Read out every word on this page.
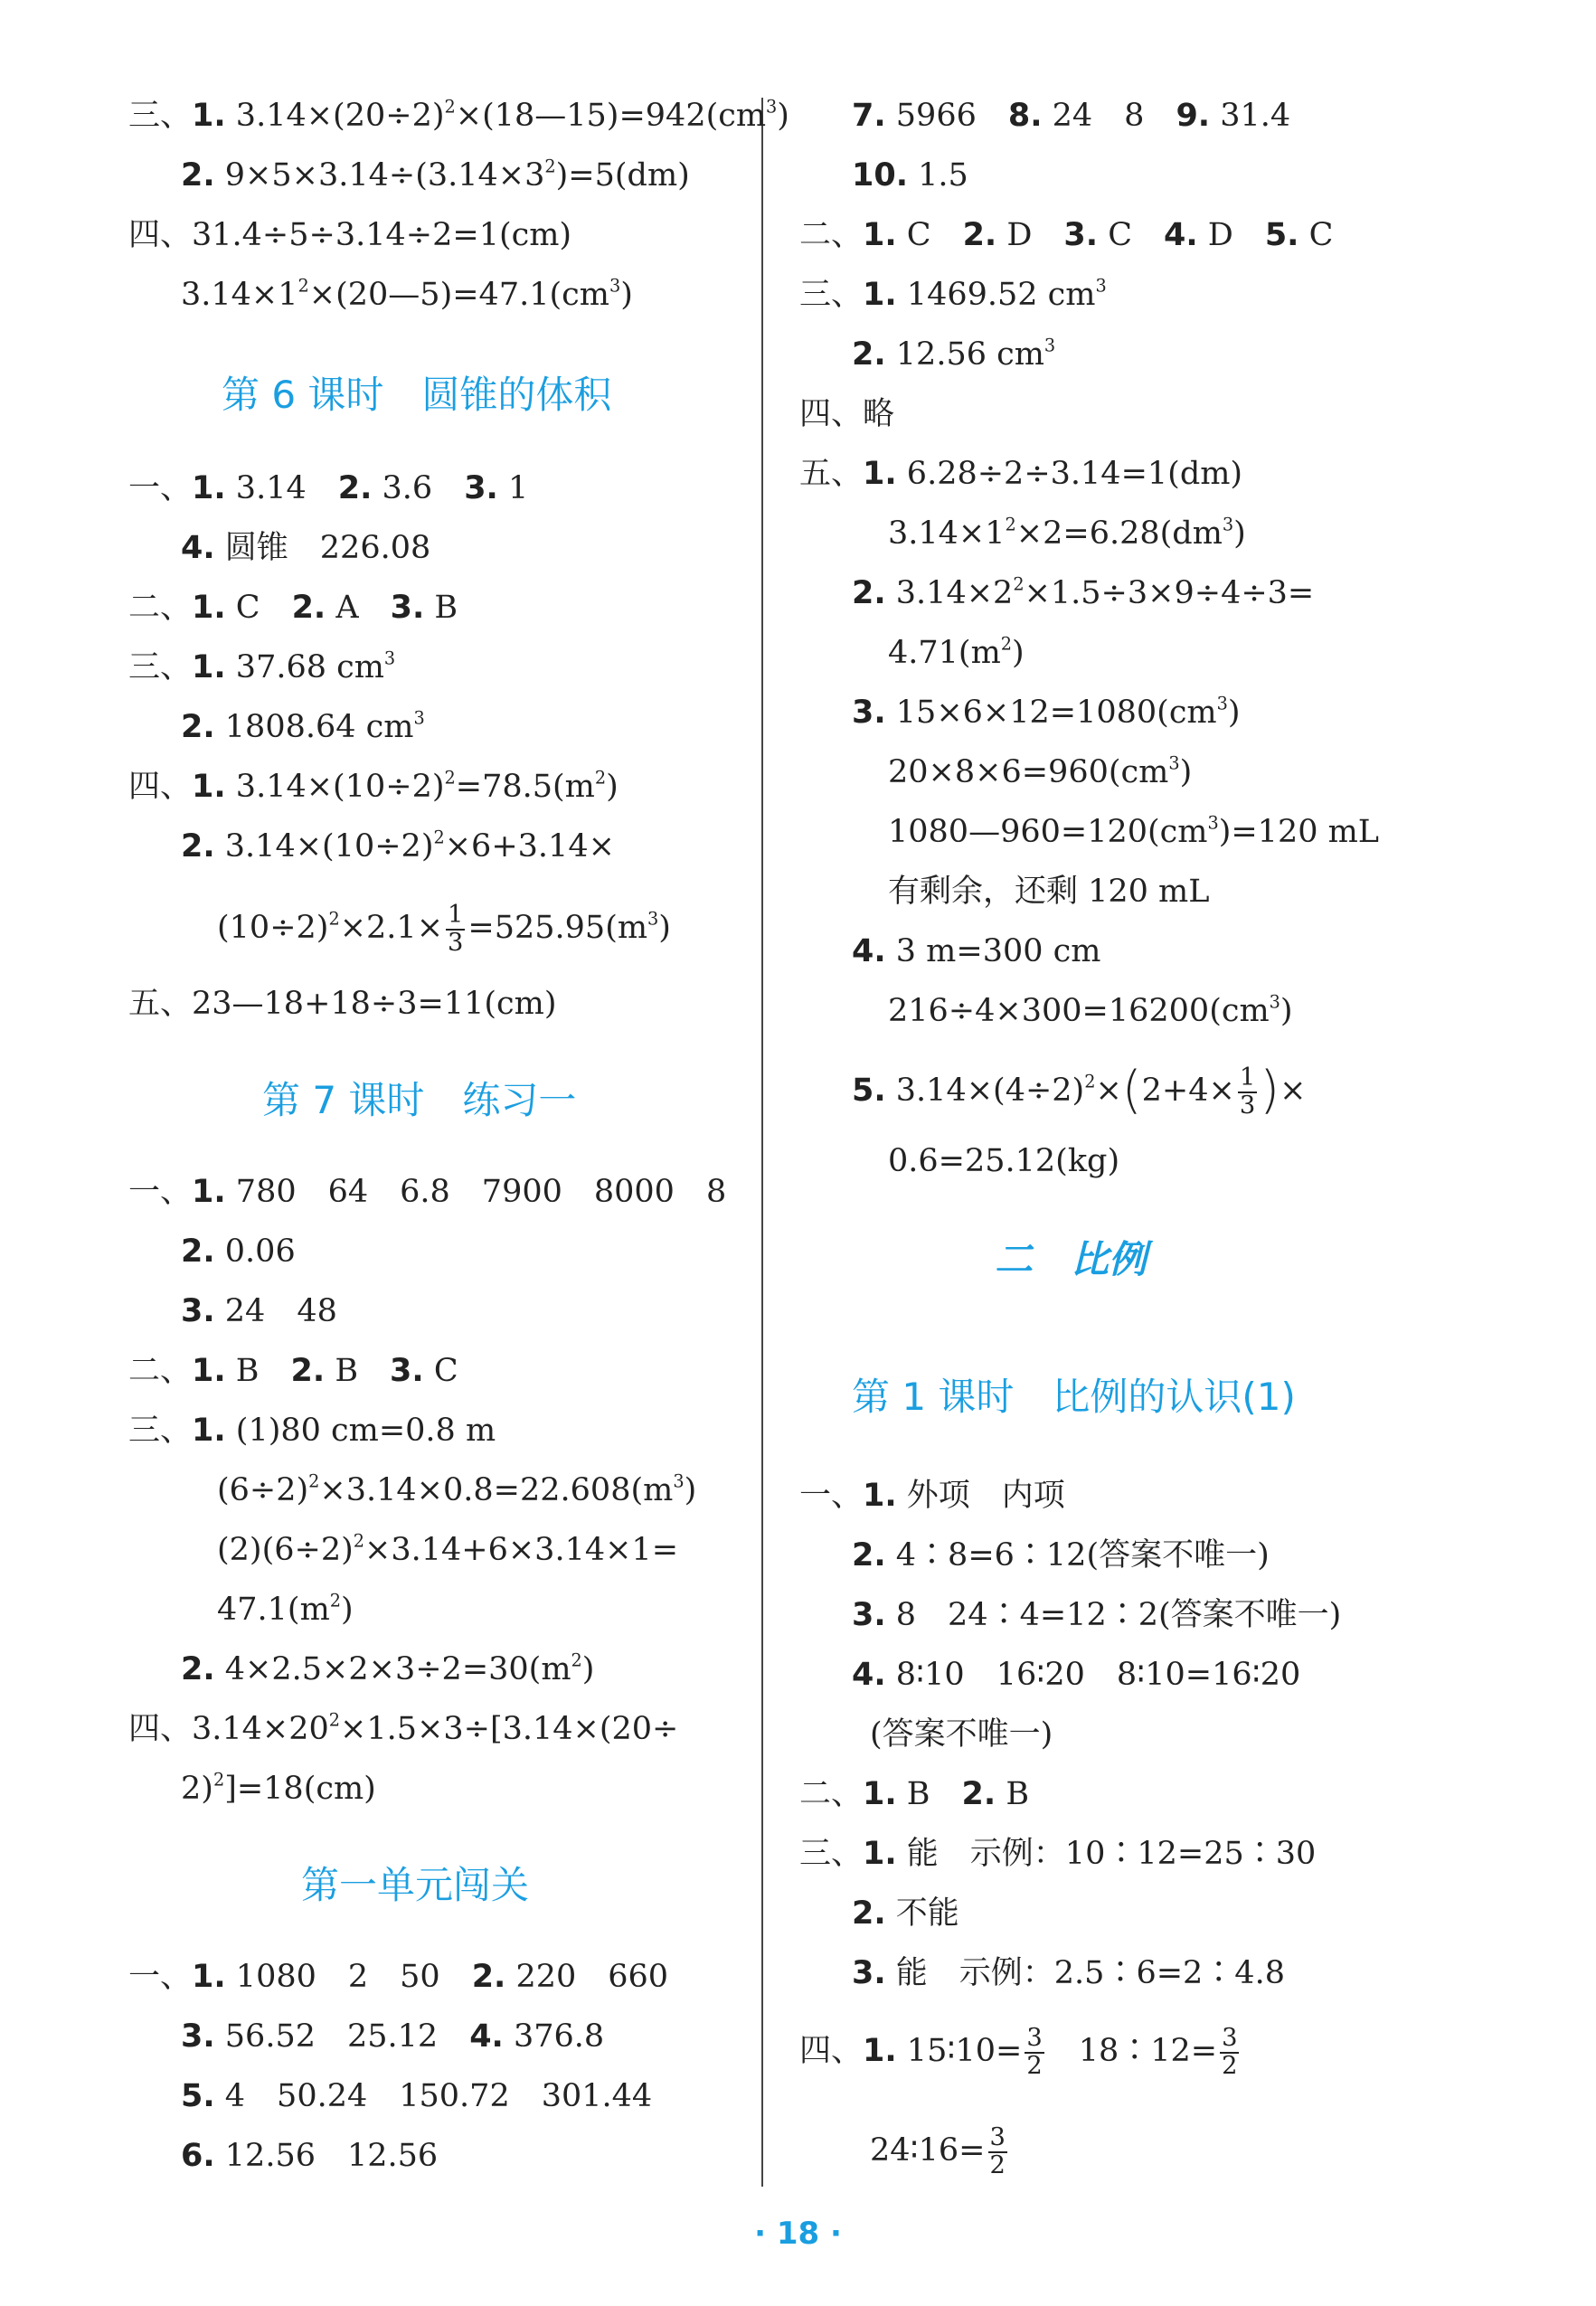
三、1. $3.14\times(20\div 2)^2\times(18—15)=942(cm^3)$
2. $9\times 5\times 3.14\div(3.14\times 3^2)=5(dm)$
四、31.4÷5÷3.14÷2=1(cm)
$3.14\times 1^2\times(20—5)=47.1(cm^3)$
第 6 课时　圆锥的体积
一、1. 3.14　2. 3.6　3. 1
4. 圆锥　226.08
二、1. C　2. A　3. B
三、1. 37.68 $cm^3$
2. 1808.64 $cm^3$
四、1. $3.14\times(10\div 2)^2=78.5(m^2)$
2. $3.14\times(10\div 2)^2\times 6+3.14\times$
$(10\div 2)^2\times 2.1\times \frac{1}{3} =525.95(m^3)$
五、23—18+18÷3=11(cm)
第 7 课时　练习一
一、1. 780　64　6.8　7900　8000　8
2. 0.06
3. 24　48
二、1. B　2. B　3. C
三、1. (1)80 cm=0.8 m
$(6\div 2)^2\times 3.14\times 0.8=22.608(m^3)$
$(2)(6\div 2)^2\times 3.14+6\times 3.14\times 1=$
$47.1(m^2)$
2. $4\times 2.5\times 2\times 3\div 2=30(m^2)$
四、$3.14\times 20^2\times 1.5\times 3\div[3.14\times(20\div$
2)$^2$]=18(cm)
第一单元闯关
一、1. 1080　2　50　2. 220　660
3. 56.52　25.12　4. 376.8
5. 4　50.24　150.72　301.44
6. 12.56　12.56
7. 5966　8. 24　8　9. 31.4
10. 1.5
二、1. C　2. D　3. C　4. D　5. C
三、1. 1469.52 $cm^3$
2. 12.56 $cm^3$
四、略
五、1. 6.28÷2÷3.14=1(dm)
$3.14\times 1^2\times 2=6.28(dm^3)$
2. $3.14\times 2^2\times 1.5\div 3\times 9\div 4\div 3=$
$4.71(m^2)$
3. $15\times 6\times 12=1080(cm^3)$
$20\times 8\times 6=960(cm^3)$
$1080—960=120(cm^3)=120$ mL
有剩余，还剩 120 mL
4. 3 m=300 cm
$216\div 4\times 300=16200(cm^3)$
5. $3.14\times(4\div 2)^2\times(2+4\times \frac{1}{3}$ )×
0.6=25.12(kg)
二　比例
第 1 课时　比例的认识(1)
一、1. 外项　内项
2. 4∶8=6∶12(答案不唯一)
3. 8　24∶4=12∶2(答案不唯一)
4. 8∶10　16∶20　8∶10=16∶20
(答案不唯一)
二、1. B　2. B
三、1. 能　示例：10∶12=25∶30
2. 不能
3. 能　示例：2.5∶6=2∶4.8
四、1. 15∶10= $\frac{3}{2}$ 　18∶12= $\frac{3}{2}$
24∶16= $\frac{3}{2}$
· 18 ·
